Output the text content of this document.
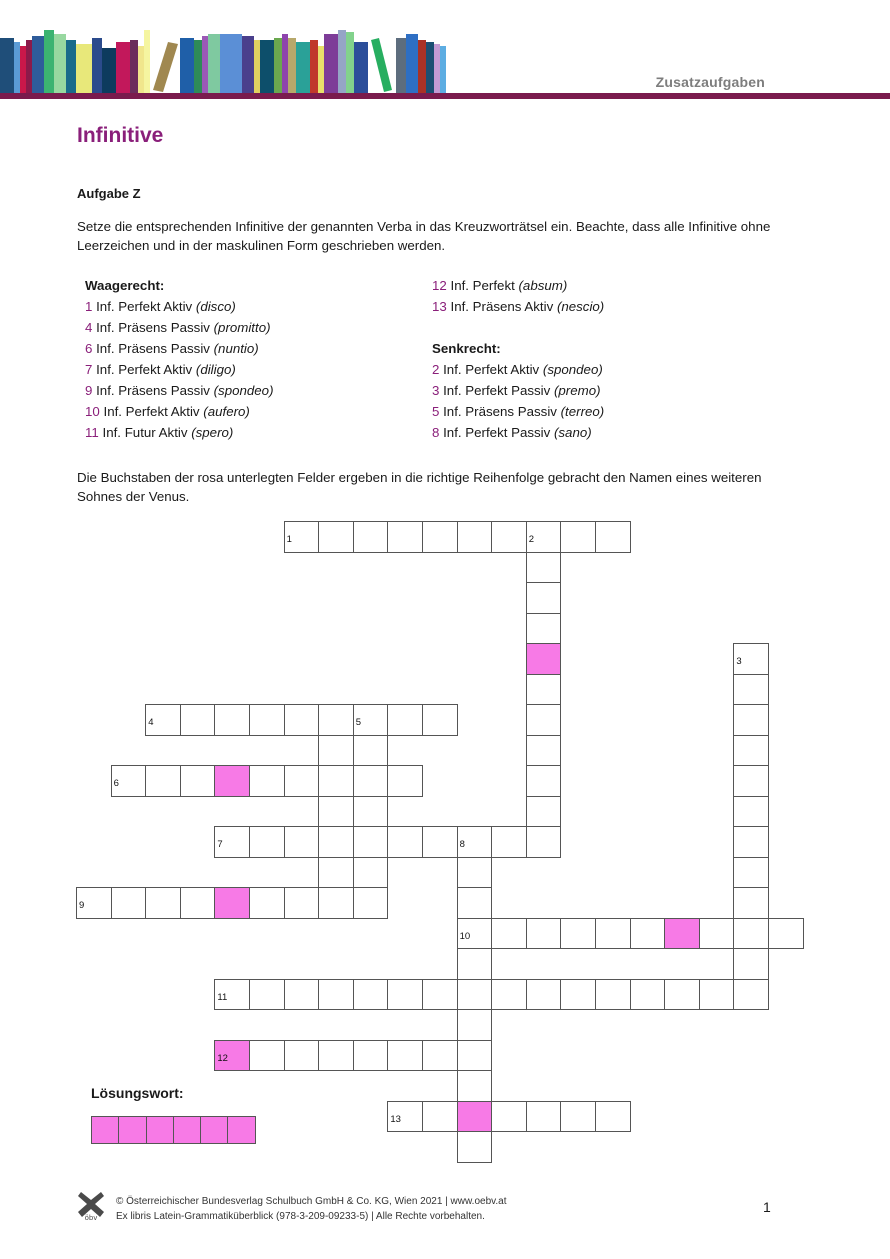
Zusatzaufgaben
Infinitive
Aufgabe Z
Setze die entsprechenden Infinitive der genannten Verba in das Kreuzworträtsel ein. Beachte, dass alle Infinitive ohne Leerzeichen und in der maskulinen Form geschrieben werden.
Waagerecht:
1 Inf. Perfekt Aktiv (disco)
4 Inf. Präsens Passiv (promitto)
6 Inf. Präsens Passiv (nuntio)
7 Inf. Perfekt Aktiv (diligo)
9 Inf. Präsens Passiv (spondeo)
10 Inf. Perfekt Aktiv (aufero)
11 Inf. Futur Aktiv (spero)
12 Inf. Perfekt (absum)
13 Inf. Präsens Aktiv (nescio)
Senkrecht:
2 Inf. Perfekt Aktiv (spondeo)
3 Inf. Perfekt Passiv (premo)
5 Inf. Präsens Passiv (terreo)
8 Inf. Perfekt Passiv (sano)
Die Buchstaben der rosa unterlegten Felder ergeben in die richtige Reihenfolge gebracht den Namen eines weiteren Sohnes der Venus.
1	2
3
4	5
6
7	8
10
9
11
12
13
Lösungswort:
öbv
© Österreichischer Bundesverlag Schulbuch GmbH & Co. KG, Wien 2021 | www.oebv.at
Ex libris Latein-Grammatiküberblick (978-3-209-09233-5) | Alle Rechte vorbehalten.
1
